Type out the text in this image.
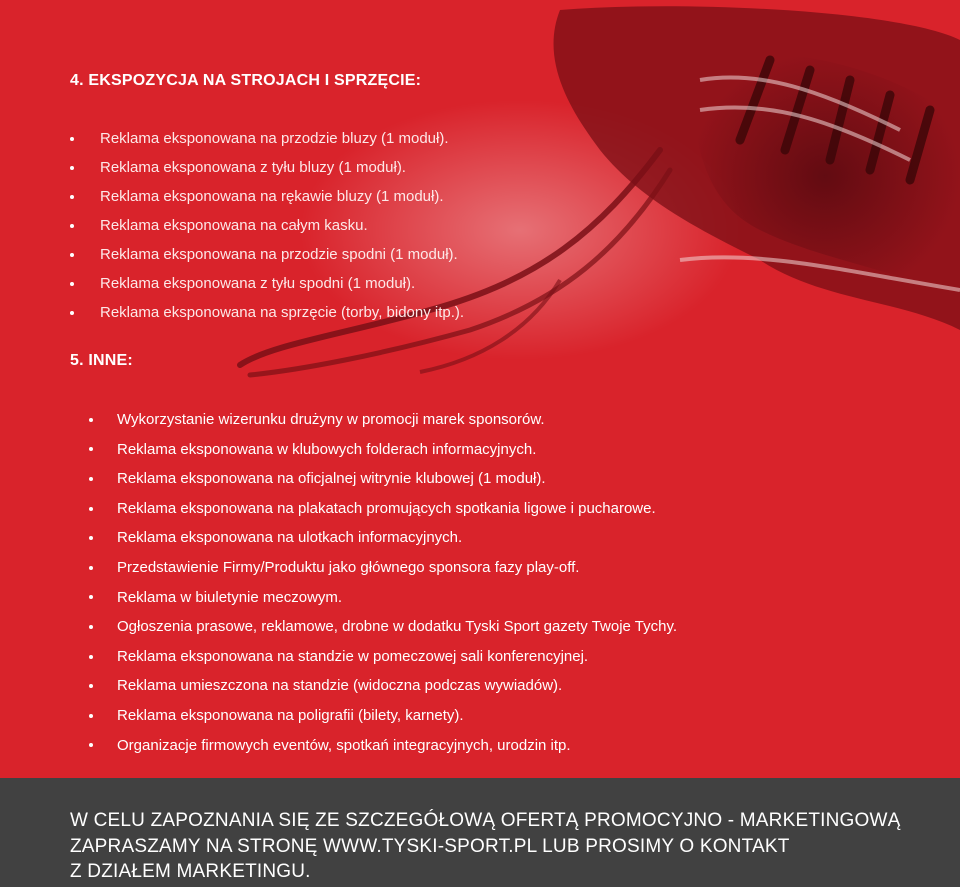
4. EKSPOZYCJA NA STROJACH I SPRZĘCIE:
Reklama eksponowana na przodzie bluzy (1 moduł).
Reklama eksponowana z tyłu bluzy (1 moduł).
Reklama eksponowana na rękawie bluzy (1 moduł).
Reklama eksponowana na całym kasku.
Reklama eksponowana na przodzie spodni (1 moduł).
Reklama eksponowana z tyłu spodni (1 moduł).
Reklama eksponowana na sprzęcie (torby, bidony itp.).
5. INNE:
Wykorzystanie wizerunku drużyny w promocji marek sponsorów.
Reklama eksponowana w klubowych folderach informacyjnych.
Reklama eksponowana na oficjalnej witrynie klubowej (1 moduł).
Reklama eksponowana na plakatach promujących spotkania ligowe i pucharowe.
Reklama eksponowana na ulotkach informacyjnych.
Przedstawienie Firmy/Produktu jako głównego sponsora fazy play-off.
Reklama w biuletynie meczowym.
Ogłoszenia prasowe, reklamowe, drobne w dodatku Tyski Sport gazety Twoje Tychy.
Reklama eksponowana na standzie w pomeczowej sali konferencyjnej.
Reklama umieszczona na standzie (widoczna podczas wywiadów).
Reklama eksponowana na poligrafii (bilety, karnety).
Organizacje firmowych eventów, spotkań integracyjnych, urodzin itp.
W CELU ZAPOZNANIA SIĘ ZE SZCZEGÓŁOWĄ OFERTĄ PROMOCYJNO - MARKETINGOWĄ
ZAPRASZAMY NA STRONĘ WWW.TYSKI-SPORT.PL LUB PROSIMY O KONTAKT
Z DZIAŁEM MARKETINGU.
